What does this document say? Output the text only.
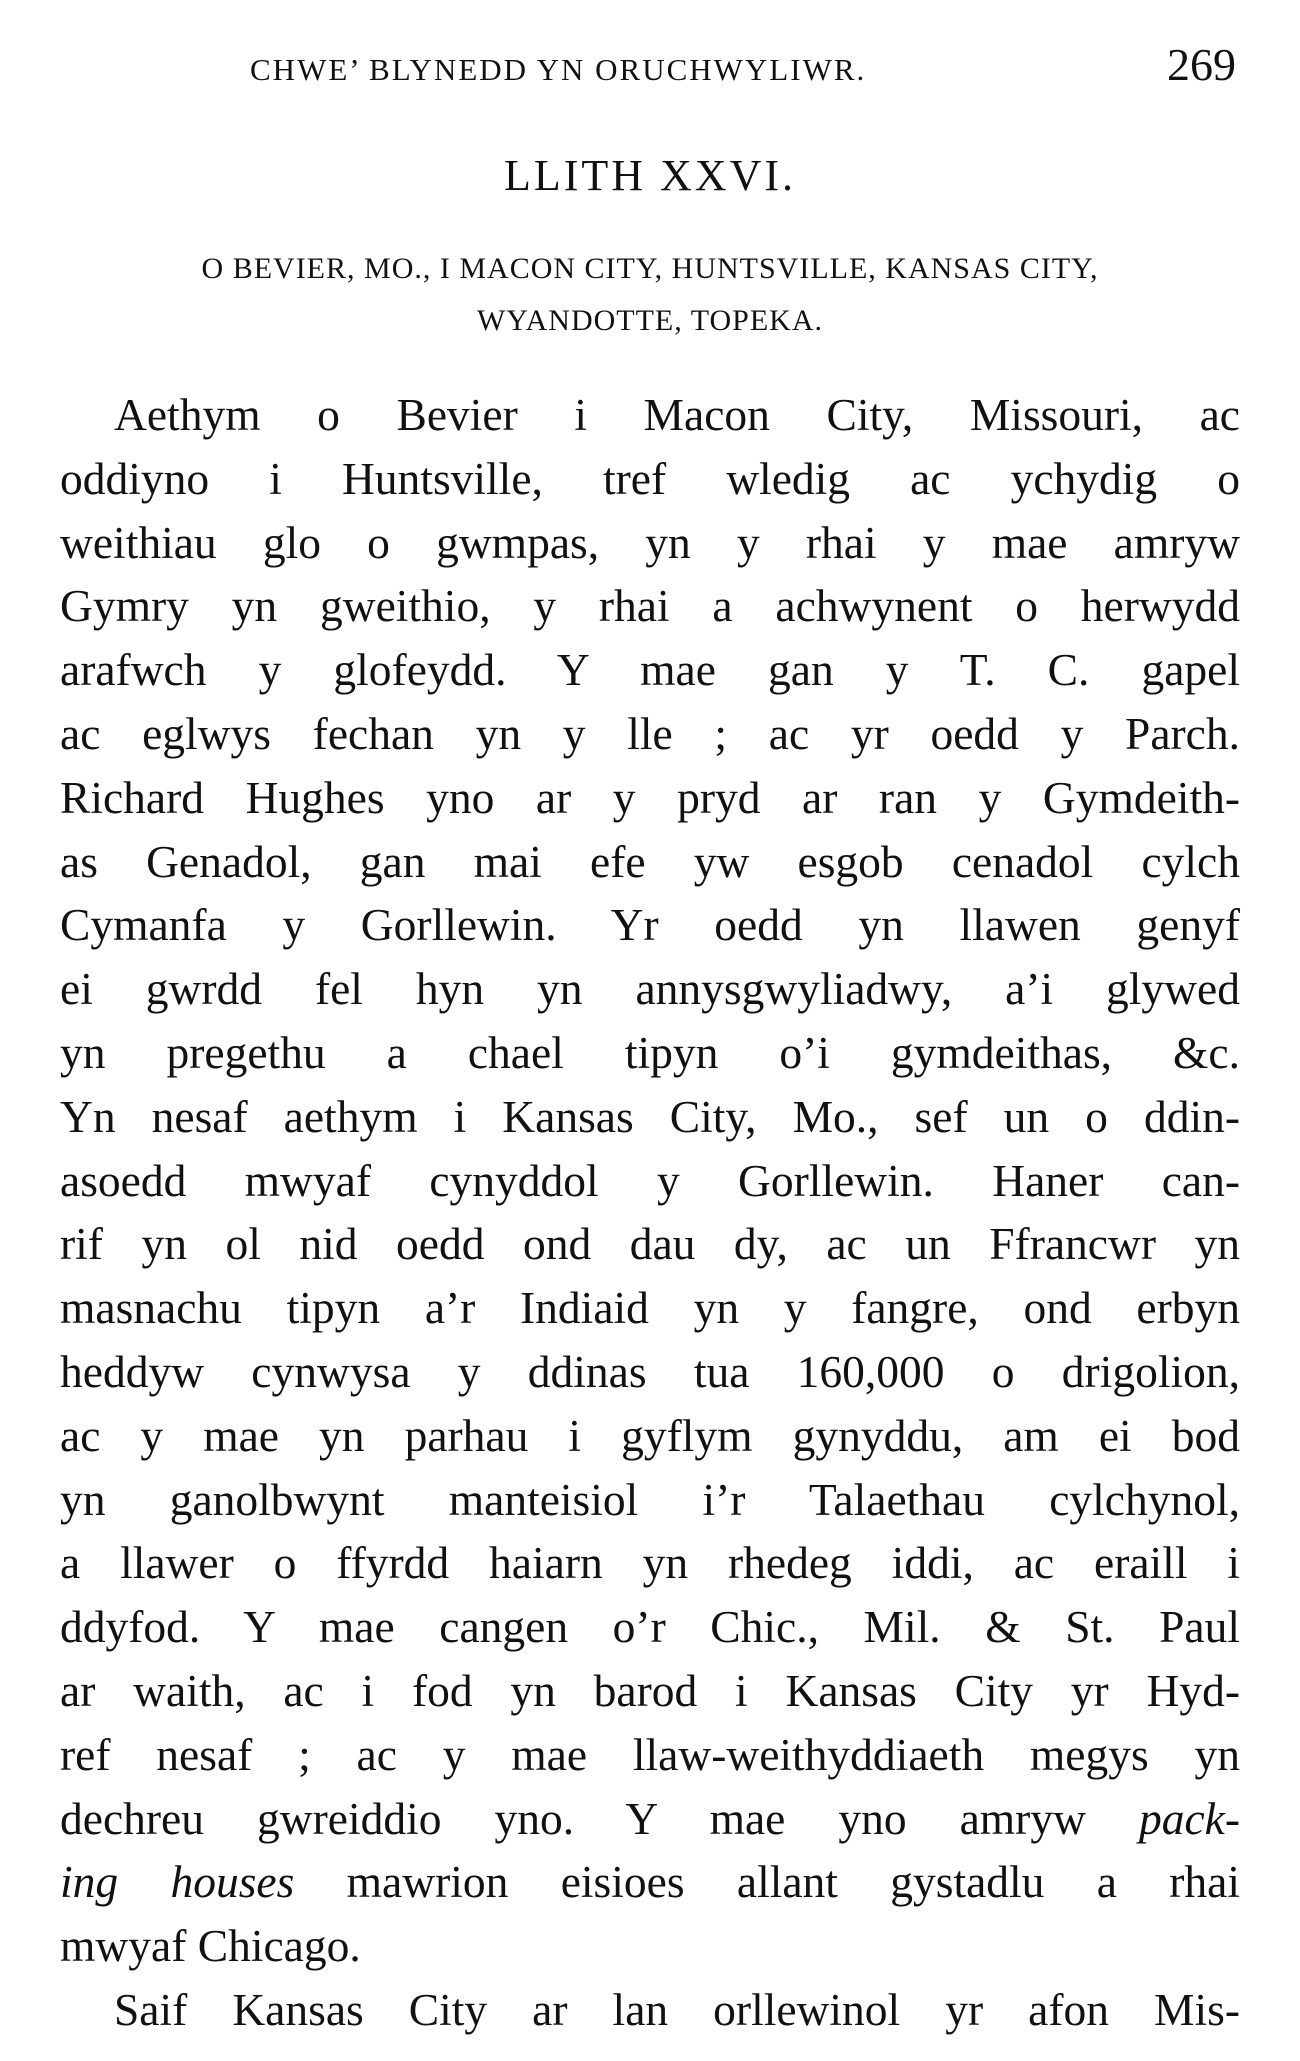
CHWE’ BLYNEDD YN ORUCHWYLIWR.	269
LLITH XXVI.
O BEVIER, MO., I MACON CITY, HUNTSVILLE, KANSAS CITY,
WYANDOTTE, TOPEKA.
Aethym o Bevier i Macon City, Missouri, ac
oddiyno i Huntsville, tref wledig ac ychydig o
weithiau glo o gwmpas, yn y rhai y mae amryw
Gymry yn gweithio, y rhai a achwynent o herwydd
arafwch y glofeydd. Y mae gan y T. C. gapel
ac eglwys fechan yn y lle ; ac yr oedd y Parch.
Richard Hughes yno ar y pryd ar ran y Gymdeith-
as Genadol, gan mai efe yw esgob cenadol cylch
Cymanfa y Gorllewin. Yr oedd yn llawen genyf
ei gwrdd fel hyn yn annysgwyliadwy, a’i glywed
yn pregethu a chael tipyn o’i gymdeithas, &c.
Yn nesaf aethym i Kansas City, Mo., sef un o ddin-
asoedd mwyaf cynyddol y Gorllewin. Haner can-
rif yn ol nid oedd ond dau dy, ac un Ffrancwr yn
masnachu tipyn a’r Indiaid yn y fangre, ond erbyn
heddyw cynwysa y ddinas tua 160,000 o drigolion,
ac y mae yn parhau i gyflym gynyddu, am ei bod
yn ganolbwynt manteisiol i’r Talaethau cylchynol,
a llawer o ffyrdd haiarn yn rhedeg iddi, ac eraill i
ddyfod. Y mae cangen o’r Chic., Mil. & St. Paul
ar waith, ac i fod yn barod i Kansas City yr Hyd-
ref nesaf ; ac y mae llaw-weithyddiaeth megys yn
dechreu gwreiddio yno. Y mae yno amryw pack-
ing houses mawrion eisioes allant gystadlu a rhai
mwyaf Chicago.
Saif Kansas City ar lan orllewinol yr afon Mis-
